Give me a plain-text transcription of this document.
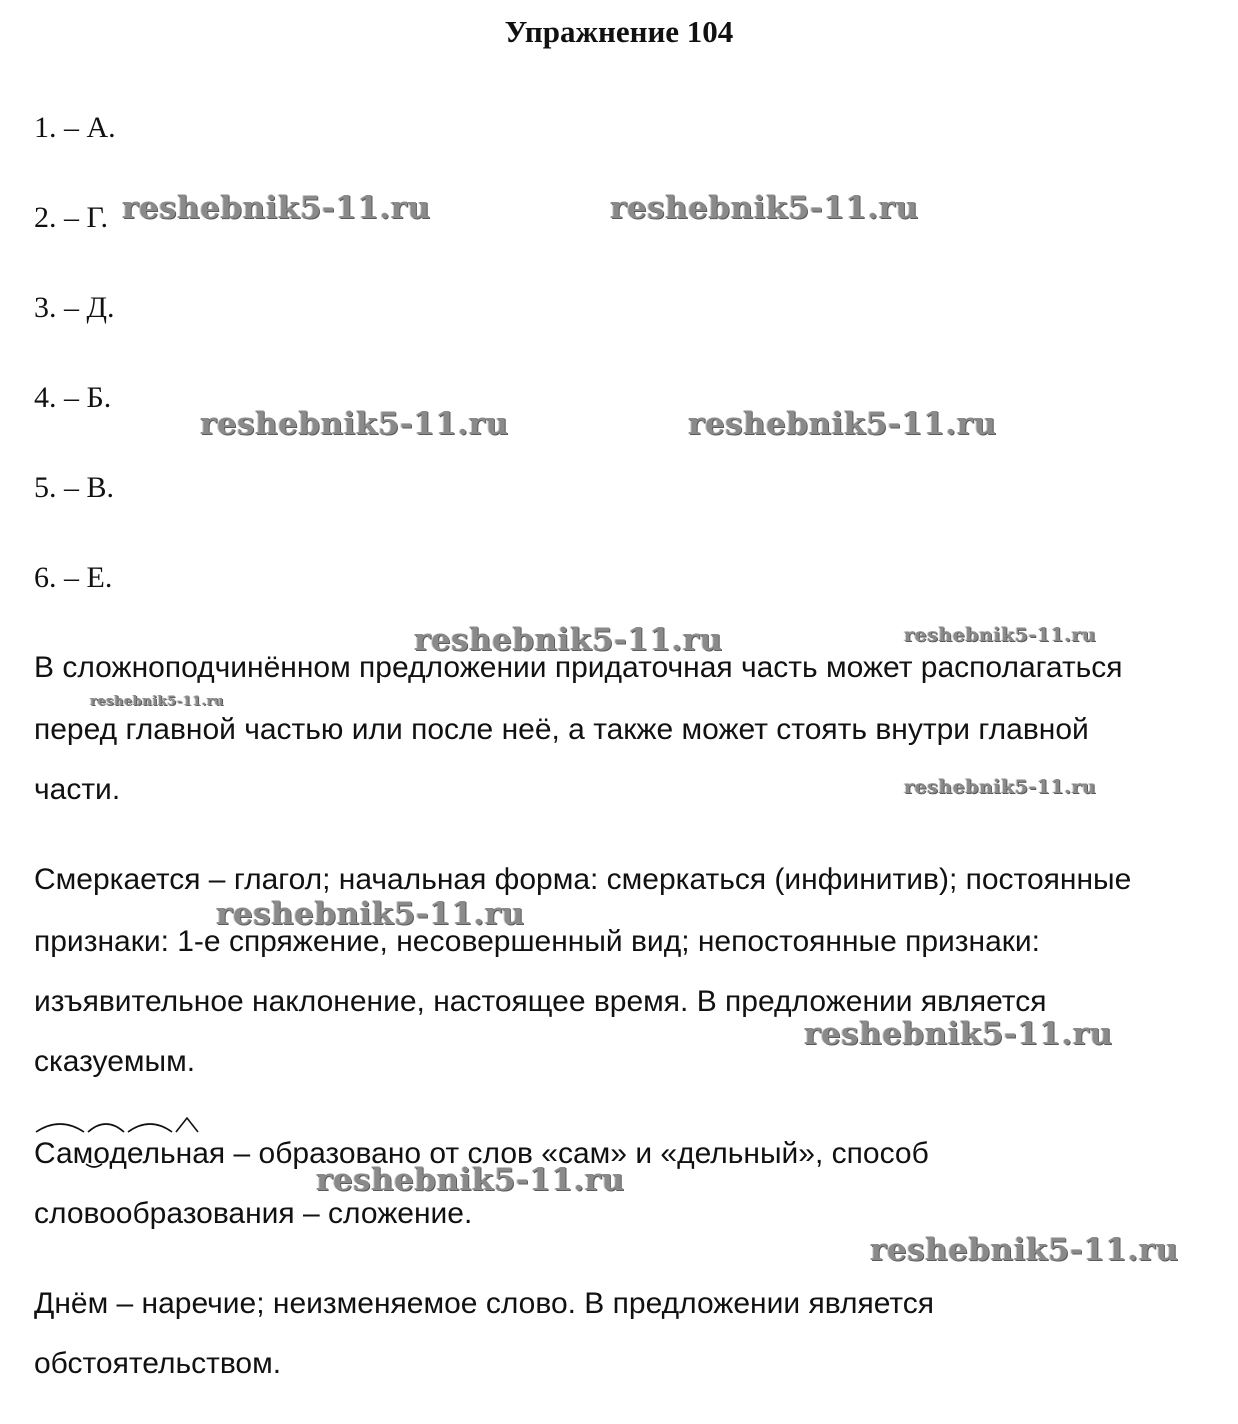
Упражнение 104
1. – А.
2. – Г.
3. – Д.
4. – Б.
5. – В.
6. – Е.
В сложноподчинённом предложении придаточная часть может располагаться
перед главной частью или после неё, а также может стоять внутри главной
части.
Смеркается – глагол; начальная форма: смеркаться (инфинитив); постоянные
признаки: 1-е спряжение, несовершенный вид; непостоянные признаки:
изъявительное наклонение, настоящее время. В предложении является
сказуемым.
Самодельная
– образовано от слов «сам» и «дельный», способ
словообразования – сложение.
Днём – наречие; неизменяемое слово. В предложении является
обстоятельством.
reshebnik5-11.ru	reshebnik5-11.ru
reshebnik5-11.ru	reshebnik5-11.ru
reshebnik5-11.ru	reshebnik5-11.ru
reshebnik5-11.ru
reshebnik5-11.ru
reshebnik5-11.ru
reshebnik5-11.ru
reshebnik5-11.ru
reshebnik5-11.ru
